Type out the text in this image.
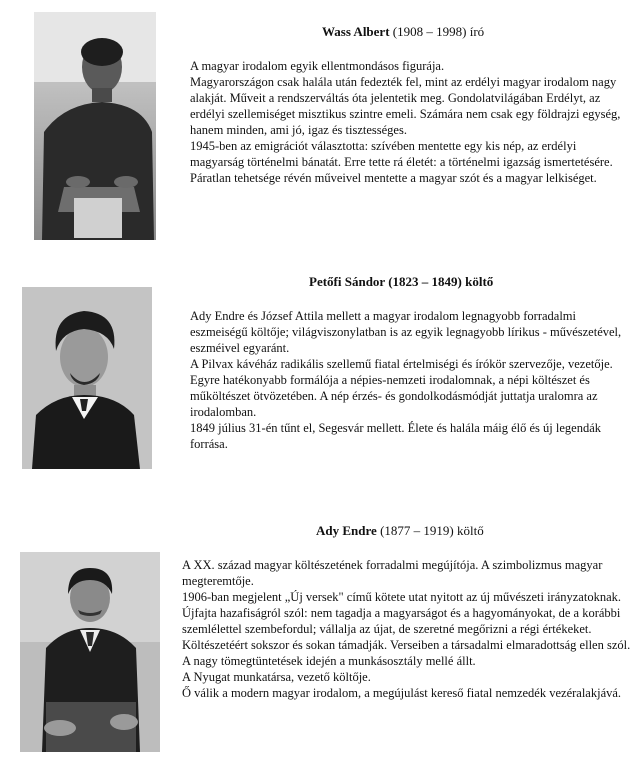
Wass Albert (1908 – 1998) író

A magyar irodalom egyik ellentmondásos figurája.

Magyarországon csak halála után fedezték fel, mint az erdélyi magyar irodalom nagy alakját. Műveit a rendszerváltás óta jelentetik meg. Gondolatvilágában Erdélyt, az erdélyi szellemiséget misztikus szintre emeli. Számára nem csak egy földrajzi egység, hanem minden, ami jó, igaz és tisztességes.

1945-ben az emigrációt választotta: szívében mentette egy kis nép, az erdélyi magyarság történelmi bánatát. Erre tette rá életét: a történelmi igazság ismertetésére. Páratlan tehetsége révén műveivel mentette a magyar szót és a magyar lelkiséget.

Petőfi Sándor (1823 – 1849) költő

Ady Endre és József Attila mellett a magyar irodalom legnagyobb forradalmi eszmeiségű költője; világviszonylatban is az egyik legnagyobb lírikus - művészetével, eszméivel egyaránt.

A Pilvax kávéház radikális szellemű fiatal értelmiségi és írókör szervezője, vezetője.

Egyre hatékonyabb formálója a népies-nemzeti irodalomnak, a népi költészet és műköltészet ötvözetében. A nép érzés- és gondolkodásmódját juttatja uralomra az irodalomban.

1849 július 31-én tűnt el, Segesvár mellett. Élete és halála máig élő és új legendák forrása.

Ady Endre (1877 – 1919) költő

A XX. század magyar költészetének forradalmi megújítója. A szimbolizmus magyar megteremtője.

1906-ban megjelent „Új versek" című kötete utat nyitott az új művészeti irányzatoknak. Újfajta hazafiságról szól: nem tagadja a magyarságot és a hagyományokat, de a korábbi szemlélettel szembefordul; vállalja az újat, de szeretné megőrizni a régi értékeket. Költészetéért sokszor és sokan támadják. Verseiben a társadalmi elmaradottság ellen szól. A nagy tömegtüntetések idején a munkásosztály mellé állt.

A Nyugat munkatársa, vezető költője.

Ő válik a modern magyar irodalom, a megújulást kereső fiatal nemzedék vezéralakjává.
